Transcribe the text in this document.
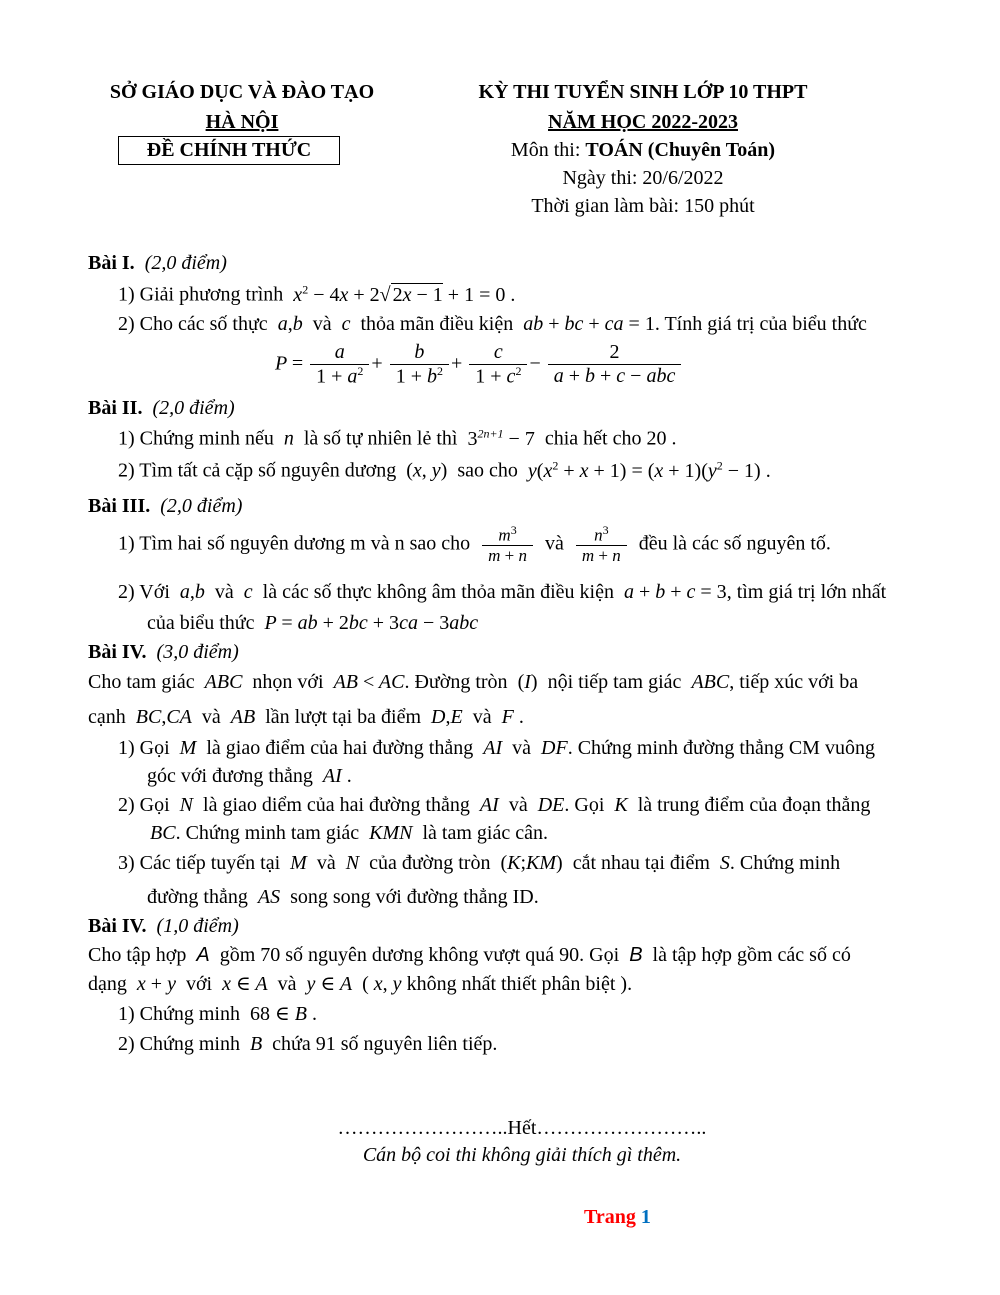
SỞ GIÁO DỤC VÀ ĐÀO TẠO
HÀ NỘI
ĐỀ CHÍNH THỨC
KỲ THI TUYỂN SINH LỚP 10 THPT
NĂM HỌC 2022-2023
Môn thi: TOÁN (Chuyên Toán)
Ngày thi: 20/6/2022
Thời gian làm bài: 150 phút
Bài I. (2,0 điểm)
1) Giải phương trình $x^2 - 4x + 2√$ 2x − 1 + 1 = 0 .
2) Cho các số thực a,b và c thỏa mãn điều kiện ab + bc + ca = 1. Tính giá trị của biểu thức
$P = \frac{a}{1 + a^2} + \frac{b}{1 + b^2} + \frac{c}{1 + c^2} - \frac{2}{\text{a + b + c − abc}}$
Bài II. (2,0 điểm)
1) Chứng minh nếu n là số tự nhiên lẻ thì $3^{2n+1} - 7$ chia hết cho 20 .
2) Tìm tất cả cặp số nguyên dương (x, y) sao cho $y(x^2 + x + 1) = (x + 1)(y^2 - 1)$ .
Bài III. (2,0 điểm)
1) Tìm hai số nguyên dương m và n sao cho $\frac{m^3}{m + n}$ và $\frac{n^3}{m + n}$ đều là các số nguyên tố.
2) Với a,b và c là các số thực không âm thỏa mãn điều kiện a + b + c = 3, tìm giá trị lớn nhất
của biểu thức P = ab + 2bc + 3ca − 3abc
Bài IV. (3,0 điểm)
Cho tam giác ABC nhọn với AB < AC. Đường tròn (I) nội tiếp tam giác ABC, tiếp xúc với ba
cạnh BC,CA và AB lần lượt tại ba điểm D,E và F .
1) Gọi M là giao điểm của hai đường thẳng AI và DF. Chứng minh đường thẳng CM vuông
góc với đương thẳng AI .
2) Gọi N là giao diểm của hai đường thẳng AI và DE. Gọi K là trung điểm của đoạn thẳng
BC. Chứng minh tam giác KMN là tam giác cân.
3) Các tiếp tuyến tại M và N của đường tròn (K;KM) cắt nhau tại điểm S. Chứng minh
đường thẳng AS song song với đường thẳng ID.
Bài IV. (1,0 điểm)
Cho tập hợp A gồm 70 số nguyên dương không vượt quá 90. Gọi B là tập hợp gồm các số có
dạng x + y với x ∈ A và y ∈ A  ( x, y không nhất thiết phân biệt ).
1) Chứng minh 68 ∈ B .
2) Chứng minh B chứa 91 số nguyên liên tiếp.
……………………..Hết……………………..
Cán bộ coi thi không giải thích gì thêm.
Trang 1
